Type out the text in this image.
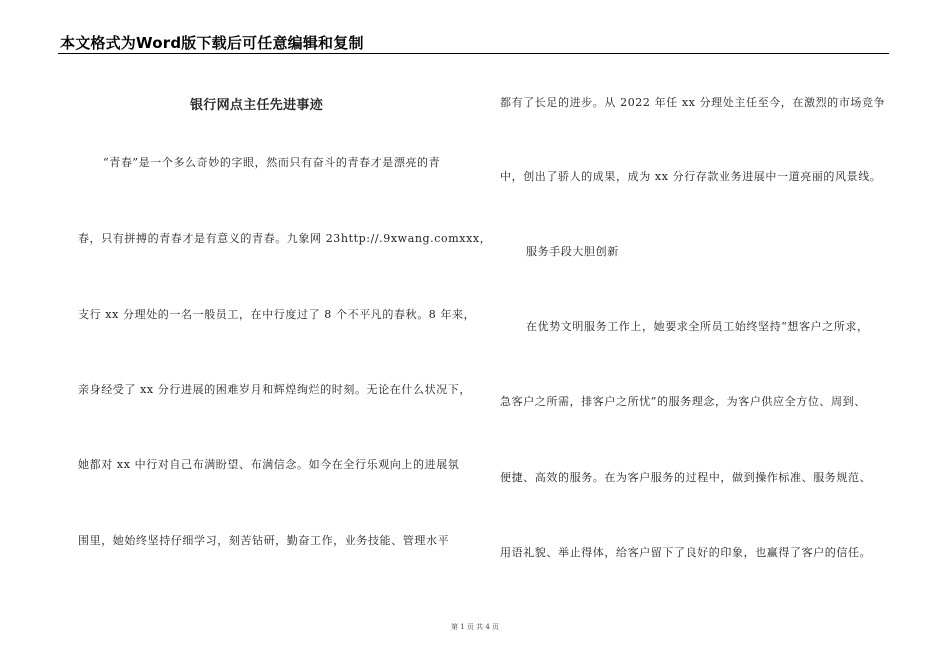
本文格式为Word版下载后可任意编辑和复制
银行网点主任先进事迹
“青春”是一个多么奇妙的字眼，然而只有奋斗的青春才是漂亮的青
春，只有拼搏的青春才是有意义的青春。九象网 23http://.9xwang.comxxx，
支行 xx 分理处的一名一般员工，在中行度过了 8 个不平凡的春秋。8 年来，
亲身经受了 xx 分行进展的困难岁月和辉煌绚烂的时刻。无论在什么状况下，
她都对 xx 中行对自己布满盼望、布满信念。如今在全行乐观向上的进展氛
围里，她始终坚持仔细学习，刻苦钻研，勤奋工作，业务技能、管理水平
都有了长足的进步。从 2022 年任 xx 分理处主任至今，在激烈的市场竞争
中，创出了骄人的成果，成为 xx 分行存款业务进展中一道亮丽的风景线。
服务手段大胆创新
在优势文明服务工作上，她要求全所员工始终坚持“想客户之所求，
急客户之所需，排客户之所忧”的服务理念，为客户供应全方位、周到、
便捷、高效的服务。在为客户服务的过程中，做到操作标准、服务规范、
用语礼貌、举止得体，给客户留下了良好的印象，也赢得了客户的信任。
第 1 页 共 4 页
